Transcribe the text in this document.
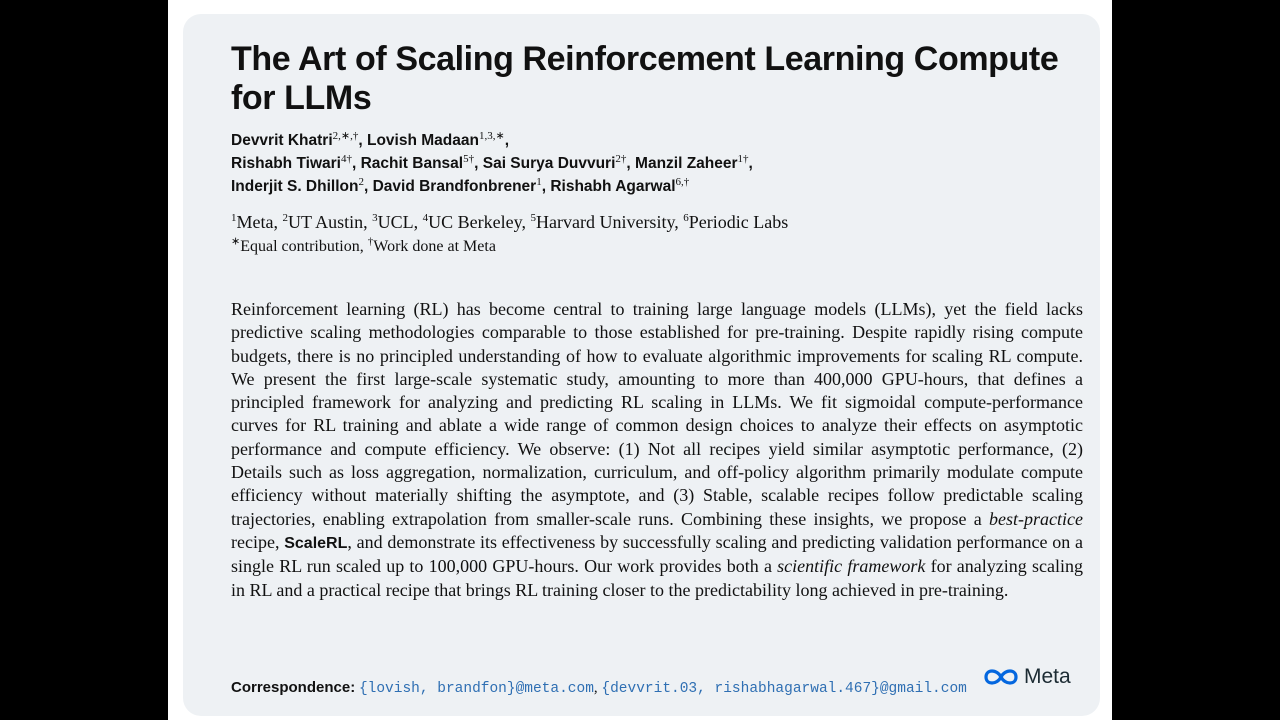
The Art of Scaling Reinforcement Learning Compute for LLMs
Devvrit Khatri$^{2,∗,\dagger}$, Lovish Madaan$^{1,3,∗}$,
Rishabh Tiwari$^{4\dagger}$, Rachit Bansal$^{5\dagger}$, Sai Surya Duvvuri$^{2\dagger}$, Manzil Zaheer$^{1\dagger}$,
Inderjit S. Dhillon$^2$, David Brandfonbrener$^1$, Rishabh Agarwal$^{6,\dagger}$
$^1$Meta, $^2$UT Austin, $^3$UCL, $^4$UC Berkeley, $^5$Harvard University, $^6$Periodic Labs
∗Equal contribution, †Work done at Meta

Reinforcement learning (RL) has become central to training large language models (LLMs), yet the field lacks predictive scaling methodologies comparable to those established for pre-training. Despite rapidly rising compute budgets, there is no principled understanding of how to evaluate algorithmic improvements for scaling RL compute. We present the first large-scale systematic study, amounting to more than 400,000 GPU-hours, that defines a principled framework for analyzing and predicting RL scaling in LLMs. We fit sigmoidal compute-performance curves for RL training and ablate a wide range of common design choices to analyze their effects on asymptotic performance and compute efficiency. We observe: (1) Not all recipes yield similar asymptotic performance, (2) Details such as loss aggregation, normalization, curriculum, and off-policy algorithm primarily modulate compute efficiency without materially shifting the asymptote, and (3) Stable, scalable recipes follow predictable scaling trajectories, enabling extrapolation from smaller-scale runs. Combining these insights, we propose a best-practice recipe, ScaleRL, and demonstrate its effectiveness by successfully scaling and predicting validation performance on a single RL run scaled up to 100,000 GPU-hours. Our work provides both a scientific framework for analyzing scaling in RL and a practical recipe that brings RL training closer to the predictability long achieved in pre-training.

Correspondence: {lovish, brandfon}@meta.com, {devvrit.03, rishabhagarwal.467}@gmail.com
Meta
